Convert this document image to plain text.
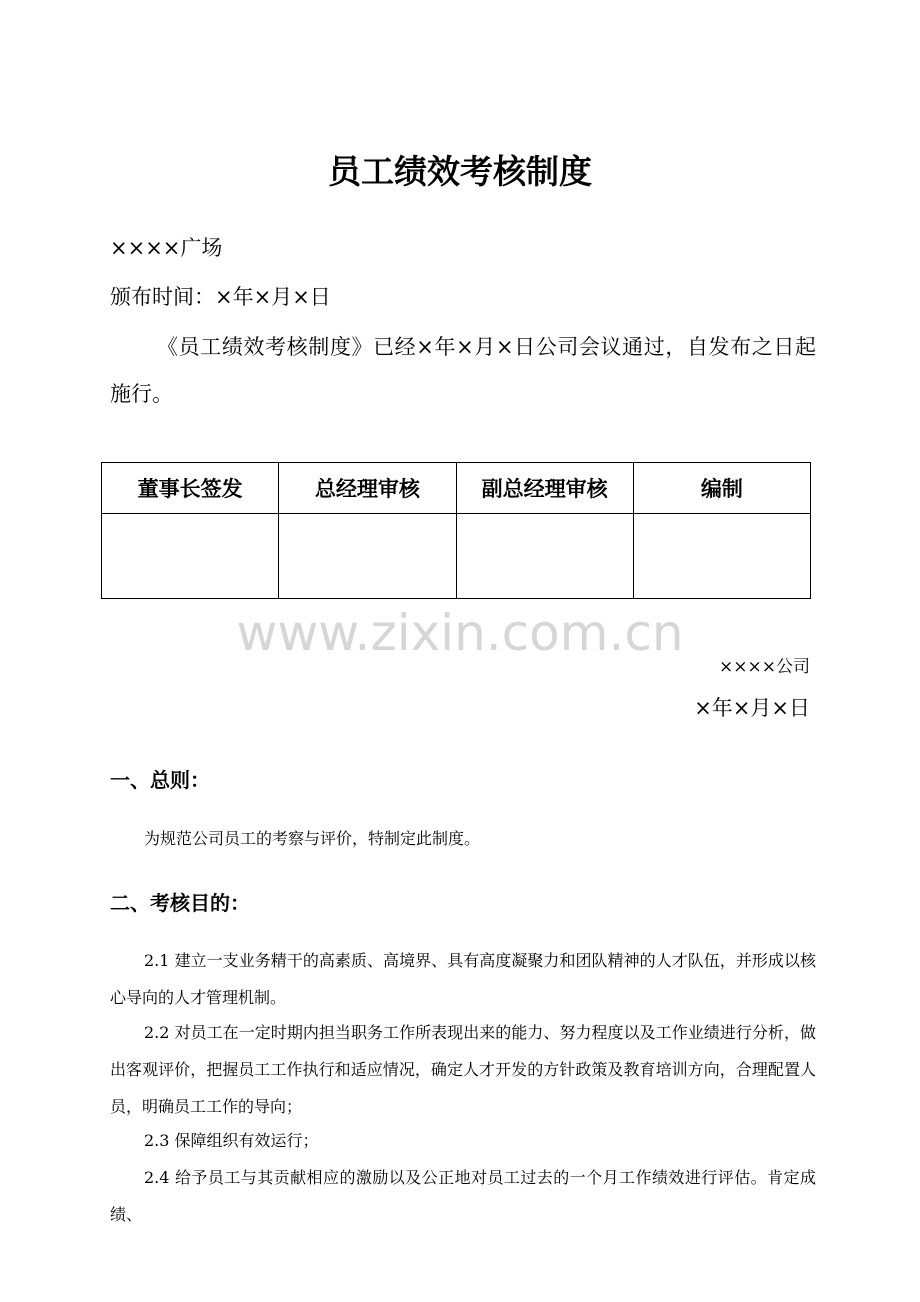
员工绩效考核制度
××××广场
颁布时间：×年×月×日
《员工绩效考核制度》已经×年×月×日公司会议通过，自发布之日起施行。
董事长签发	总经理审核	副总经理审核	编制

www.zixin.com.cn
××××公司
×年×月×日
一、总则：
为规范公司员工的考察与评价，特制定此制度。
二、考核目的：
2.1 建立一支业务精干的高素质、高境界、具有高度凝聚力和团队精神的人才队伍，并形成以核心导向的人才管理机制。
2.2 对员工在一定时期内担当职务工作所表现出来的能力、努力程度以及工作业绩进行分析，做出客观评价，把握员工工作执行和适应情况，确定人才开发的方针政策及教育培训方向，合理配置人员，明确员工工作的导向；
2.3 保障组织有效运行；
2.4 给予员工与其贡献相应的激励以及公正地对员工过去的一个月工作绩效进行评估。肯定成绩、
